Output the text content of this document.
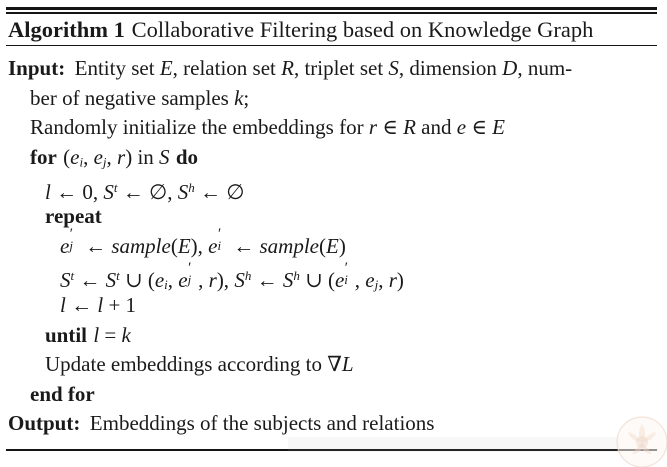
Algorithm 1 Collaborative Filtering based on Knowledge Graph
Input: Entity set E, relation set R, triplet set S, dimension D, num-
ber of negative samples k;
Randomly initialize the embeddings for r ∈ R and e ∈ E
for (ei, ej, r) in S do
l ← 0, $S^t$ ← ∅, $S^h$ ← ∅
repeat
e
′
j ← sample(E), e
′
i ← sample(E)
$S^t$ ← $S^t$ ∪ (ei, e
′
j , r), $S^h$ ← $S^h$ ∪ (e
′
i , ej, r)
l ← l + 1
until l = k
Update embeddings according to ∇L
end for
Output: Embeddings of the subjects and relations
